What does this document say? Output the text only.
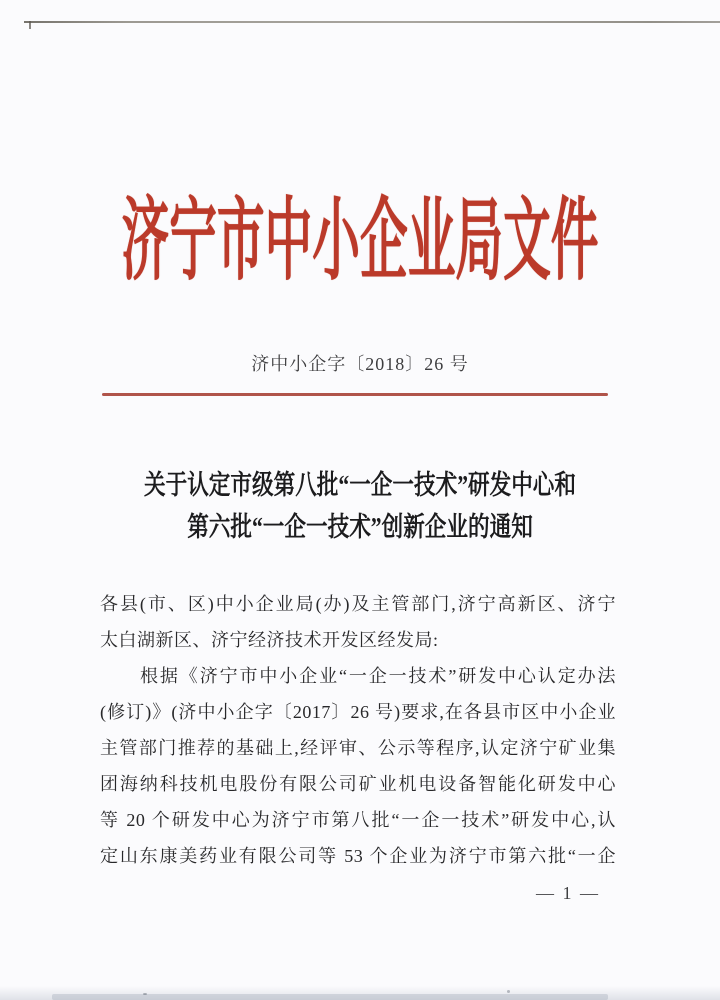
济宁市中小企业局文件
济中小企字〔2018〕26 号
关于认定市级第八批“一企一技术”研发中心和
第六批“一企一技术”创新企业的通知
各县(市、区)中小企业局(办)及主管部门,济宁高新区、济宁
太白湖新区、济宁经济技术开发区经发局:
根据《济宁市中小企业“一企一技术”研发中心认定办法
(修订)》(济中小企字〔2017〕26 号)要求,在各县市区中小企业
主管部门推荐的基础上,经评审、公示等程序,认定济宁矿业集
团海纳科技机电股份有限公司矿业机电设备智能化研发中心
等 20 个研发中心为济宁市第八批“一企一技术”研发中心,认
定山东康美药业有限公司等 53 个企业为济宁市第六批“一企
— 1 —
